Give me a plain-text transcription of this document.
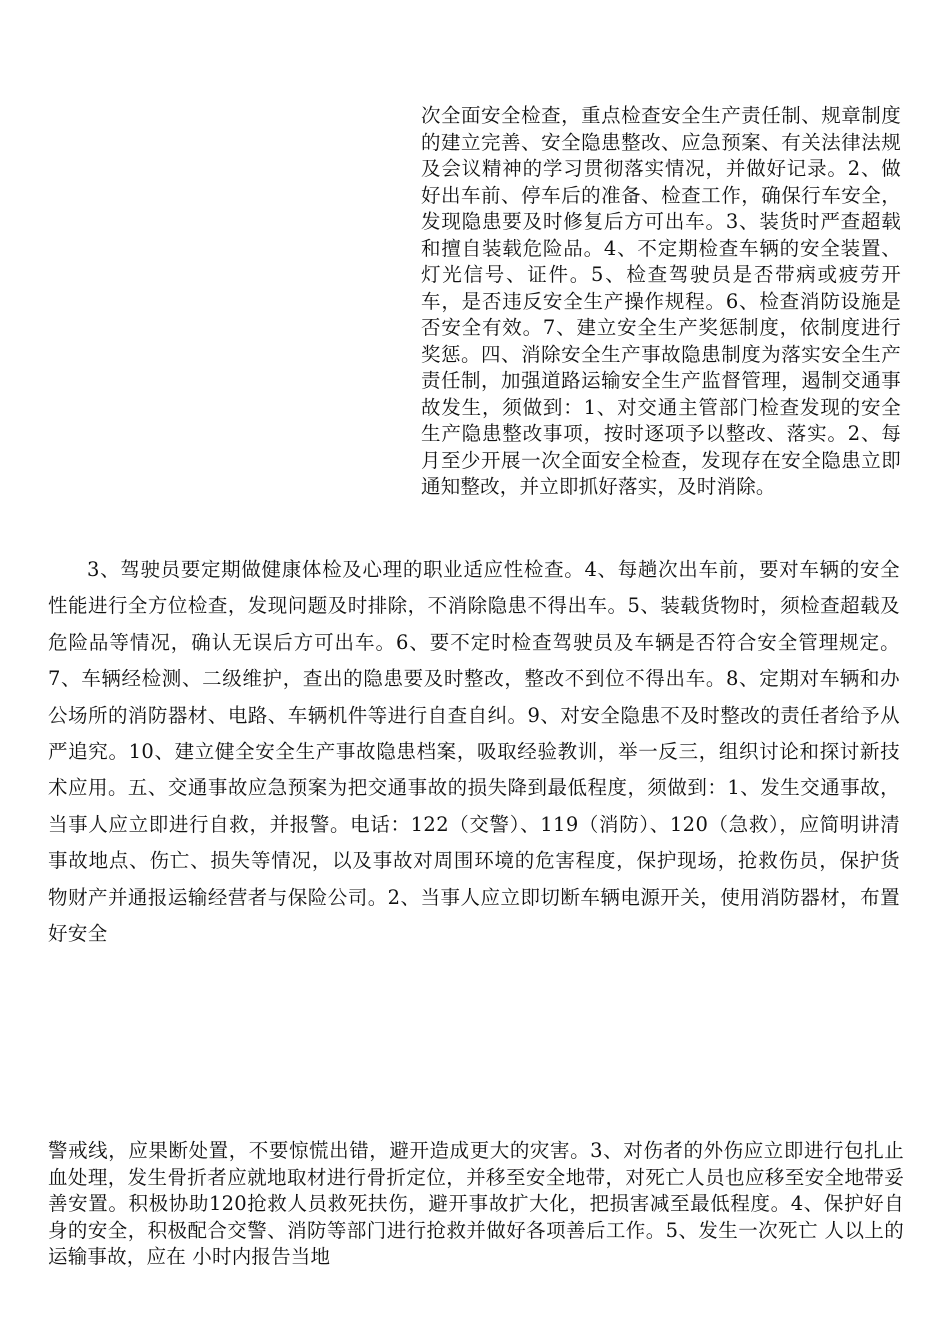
次全面安全检查，重点检查安全生产责任制、规章制度的建立完善、安全隐患整改、应急预案、有关法律法规及会议精神的学习贯彻落实情况，并做好记录。2、做好出车前、停车后的准备、检查工作，确保行车安全，发现隐患要及时修复后方可出车。3、装货时严查超载和擅自装载危险品。4、不定期检查车辆的安全装置、灯光信号、证件。5、检查驾驶员是否带病或疲劳开车，是否违反安全生产操作规程。6、检查消防设施是否安全有效。7、建立安全生产奖惩制度，依制度进行奖惩。四、消除安全生产事故隐患制度为落实安全生产责任制，加强道路运输安全生产监督管理，遏制交通事故发生，须做到：1、对交通主管部门检查发现的安全生产隐患整改事项，按时逐项予以整改、落实。2、每月至少开展一次全面安全检查，发现存在安全隐患立即通知整改，并立即抓好落实，及时消除。

3、驾驶员要定期做健康体检及心理的职业适应性检查。4、每趟次出车前，要对车辆的安全性能进行全方位检查，发现问题及时排除，不消除隐患不得出车。5、装载货物时，须检查超载及危险品等情况，确认无误后方可出车。6、要不定时检查驾驶员及车辆是否符合安全管理规定。7、车辆经检测、二级维护，查出的隐患要及时整改，整改不到位不得出车。8、定期对车辆和办公场所的消防器材、电路、车辆机件等进行自查自纠。9、对安全隐患不及时整改的责任者给予从严追究。10、建立健全安全生产事故隐患档案，吸取经验教训，举一反三，组织讨论和探讨新技术应用。五、交通事故应急预案为把交通事故的损失降到最低程度，须做到：1、发生交通事故，当事人应立即进行自救，并报警。电话：122（交警）、119（消防）、120（急救），应简明讲清事故地点、伤亡、损失等情况，以及事故对周围环境的危害程度，保护现场，抢救伤员，保护货物财产并通报运输经营者与保险公司。2、当事人应立即切断车辆电源开关，使用消防器材，布置好安全

警戒线，应果断处置，不要惊慌出错，避开造成更大的灾害。3、对伤者的外伤应立即进行包扎止血处理，发生骨折者应就地取材进行骨折定位，并移至安全地带，对死亡人员也应移至安全地带妥善安置。积极协助120抢救人员救死扶伤，避开事故扩大化，把损害减至最低程度。4、保护好自身的安全，积极配合交警、消防等部门进行抢救并做好各项善后工作。5、发生一次死亡 人以上的运输事故，应在 小时内报告当地
